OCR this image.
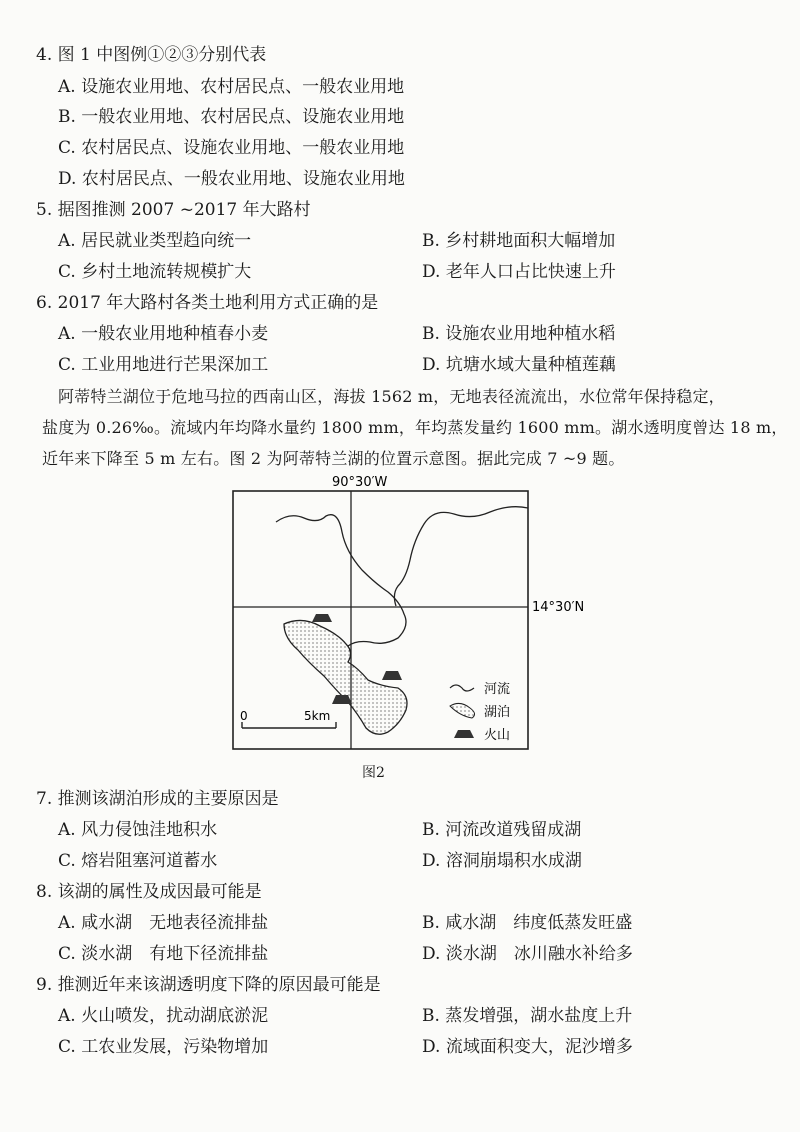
4. 图 1 中图例①②③分别代表
A. 设施农业用地、农村居民点、一般农业用地
B. 一般农业用地、农村居民点、设施农业用地
C. 农村居民点、设施农业用地、一般农业用地
D. 农村居民点、一般农业用地、设施农业用地
5. 据图推测 2007 ~2017 年大路村
A. 居民就业类型趋向统一	B. 乡村耕地面积大幅增加
C. 乡村土地流转规模扩大	D. 老年人口占比快速上升
6. 2017 年大路村各类土地利用方式正确的是
A. 一般农业用地种植春小麦	B. 设施农业用地种植水稻
C. 工业用地进行芒果深加工	D. 坑塘水域大量种植莲藕
阿蒂特兰湖位于危地马拉的西南山区，海拔 1562 m，无地表径流流出，水位常年保持稳定，
盐度为 0.26‰。流域内年均降水量约 1800 mm，年均蒸发量约 1600 mm。湖水透明度曾达 18 m，
近年来下降至 5 m 左右。图 2 为阿蒂特兰湖的位置示意图。据此完成 7 ~9 题。
90°30′W
14°30′N
0	5km
河流
湖泊
火山
图2
7. 推测该湖泊形成的主要原因是
A. 风力侵蚀洼地积水	B. 河流改道残留成湖
C. 熔岩阻塞河道蓄水	D. 溶洞崩塌积水成湖
8. 该湖的属性及成因最可能是
A. 咸水湖　无地表径流排盐	B. 咸水湖　纬度低蒸发旺盛
C. 淡水湖　有地下径流排盐	D. 淡水湖　冰川融水补给多
9. 推测近年来该湖透明度下降的原因最可能是
A. 火山喷发，扰动湖底淤泥	B. 蒸发增强，湖水盐度上升
C. 工农业发展，污染物增加	D. 流域面积变大，泥沙增多
